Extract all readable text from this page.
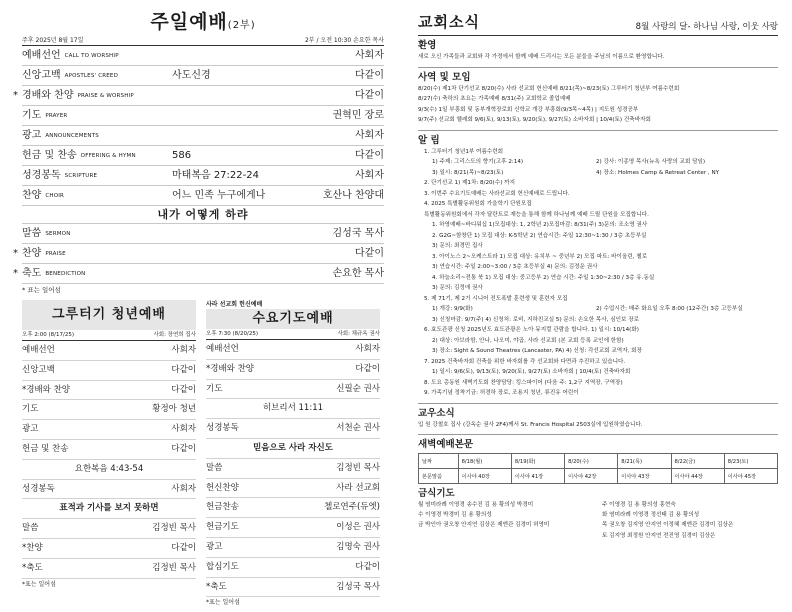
주일예배(2부)
주후 2025년 8월 17일	2부 / 오전 10:30 손요한 목사
예배선언 CALL TO WORSHIP	사회자
신앙고백 APOSTLES' CREED	사도신경	다같이
* 경배와 찬양 PRAISE & WORSHIP	다같이
기도 PRAYER	권혁민 장로
광고 ANNOUNCEMENTS	사회자
헌금 및 찬송 OFFERING & HYMN	586	다같이
성경봉독 SCRIPTURE	마태복음 27:22-24	사회자
찬양 CHOIR	어느 민족 누구에게나	호산나 찬양대
내가 어떻게 하랴
말씀 SERMON	김성국 목사
* 찬양 PRAISE	다같이
* 축도 BENEDICTION	손요한 목사
* 표는 일어섬
그루터기 청년예배
오후 2:00 (8/17/25)	사회: 장연희 집사
예배선언	사회자
신앙고백	다같이
*경배와 찬양	다같이
기도	황정아 청년
광고	사회자
헌금 및 찬송	다같이
요한복음 4:43-54
성경봉독	사회자
표적과 기사를 보지 못하면
말씀	김정빈 목사
*찬양	다같이
*축도	김정빈 목사
*표는 일어섬
사라 선교회 헌신예배
수요기도예배
오후 7:30 (8/20/25)	사회: 채규옥 권사
예배선언	사회자
*경배와 찬양	다같이
기도	신필순 권사
히브리서 11:11
성경봉독	서천순 권사
믿음으로 사라 자신도
말씀	김정빈 목사
헌신찬양	사라 선교회
헌금찬송	첼로연주(듀엣)
헌금기도	이성은 권사
광고	김명숙 권사
합심기도	다같이
*축도	김성국 목사
*표는 일어섬
교회소식	8월 사랑의 달- 하나님 사랑, 이웃 사랑
환영
새로 오신 가족들과 교회와 각 가정에서 함께 예배 드리시는 모든 분들을 주님의 이름으로 환영합니다.
사역 및 모임
8/20(수) 제1차 단기선교 8/20(수) 사라 선교회 헌신예배 8/21(목)~8/23(토) 그루터기 청년부 여름수련회
8/27(수) 축하의 초요는 가족예배 8/31(주) 교회학교 졸업예배
9/3(수) 1일 부흥회 및 동부개혁장로회 신학교 개강 부흥회(9/3목~4목) | 지도원 성경공부
9/7(주) 선교회 헬레회 9/6(토), 9/13(토), 9/20(토), 9/27(토) 소바자회 | 10/4(토) 건축바자회
알 림
1. 그루터기 청년1부 여름수련회
1) 주제: 그리스도의 향기(고후 2:14)	2) 강사: 이종영 목사(뉴욕 사랑의 교회 담임)
3) 일시: 8/21(목)~8/23(토)	4) 장소: Holmes Camp & Retreat Center , NY
2. 단기선교 1) 제1차: 8/20(수) 까지
3. 이번주 수요기도예배는 사라선교회 헌신예배로 드립니다.
4. 2025 특별활동위원회 가을학기 단원모집
특별활동위원회에서 각자 달란트로 재능을 통해 함께 하나님께 예배 드릴 단원을 모집합니다.
1. 하영예배~바디워십 1)모집대상: 1, 2학년 2)모집마감: 8/31(주) 3)문의: 조소영 권사
2. G2G~함창단 1) 모집 대상: K-5학년 2) 연습시간: 주일 12:30~1:30 / 3층 초등부실
3) 문의: 최경민 집사
3. 아이노스 2~오케스트라 1) 모집 대상: 유치부 ~ 중년부 2) 모집 파트: 바이올린, 첼로
3) 연습시간: 주일 2:00~3:00 / 3층 초등부실 4) 문의: 김정운 권사
4. 하늘소리~전통 북 1) 모집 대상: 중고등부 2) 연습 시간: 주일 1:30~2:30 / 3층 유.동실
3) 문의: 김정애 권사
5. 제 71기, 제 2기 시니어 전도폭발 훈련생 및 훈련자 모집
1) 개강: 9/9(화)	2) 수업시간: 매주 화요일 오후 8:00 (12주간) 3층 고등부실
3) 신청마감: 9/7(주) 4) 신청처: 로비, 지하친교실 5) 문의: 손요한 목사, 심인보 장로
6. 효도관광 신청 2025년도 효도관광은 노아 뮤지컬 관람을 합니다. 1) 일시: 10/14(화)
2) 대상: 아브라함, 안나, 나오미, 야곱, 사라 선교회 (본 교회 등록 교인에 한함)
3) 장소: Sight & Sound Theatres (Lancaster, PA) 4) 신청: 각선교회 교역자, 회장
7. 2025 건축바자회 건축을 위한 바자회를 각 선교회와 다면과 추진하고 있습니다.
1) 일시: 9/6(토), 9/13(토), 9/20(토), 9/27(토) 소바자회 | 10/4(토) 건축바자회
8. 도요 총동원 새벽기도회 찬양담당: 킹스파이어 (다음 주: 1,2구 지역장, 구역장)
9. 가족기념 정착기금: 허경하 장로, 조용지 청년, 류진유 어린이
교우소식
입 원 강철호 집사 (강옥순 권사 2F4)께서 St. Francis Hospital 2503실에 입원하였습니다.
새벽예배본문
날짜	8/18(월)	8/19(화)	8/20(수)	8/21(목)	8/22(금)	8/23(토)
본문말씀	이사야 40장	이사야 41장	이사야 42장	이사야 43장	이사야 44장	이사야 45장
금식기도
월 염미라례 이영경 송수진 김 용 황의성 박경미
수 이영경 박경미 김 용 황의성
금 박인아 권오창 안지연 김상은 제엔관 김경미 허영미
주 이영경 김 용 황의성 홍현숙
화 염미라례 이영경 정선태 김 용 황의성
목 권오창 김지영 안지연 이정혜 제엔관 김경미 김상은
토 김지영 최정원 안지연 전진영 김경미 김상은
